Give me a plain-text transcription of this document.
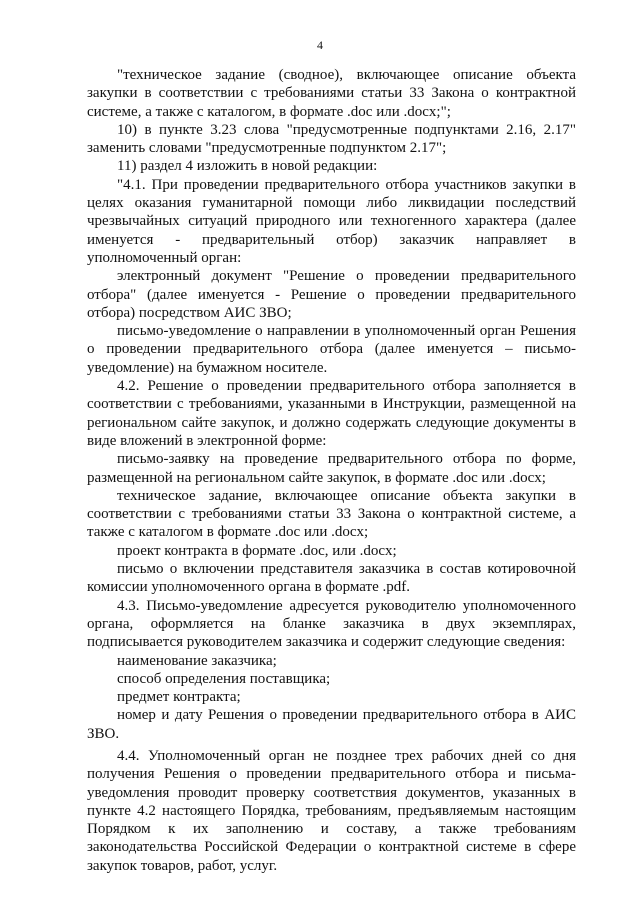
4

"техническое задание (сводное), включающее описание объекта закупки в соответствии с требованиями статьи 33 Закона о контрактной системе, а также с каталогом, в формате .doc или .docx;";

10) в пункте 3.23 слова "предусмотренные подпунктами 2.16, 2.17" заменить словами "предусмотренные подпунктом 2.17";

11) раздел 4 изложить в новой редакции:

"4.1. При проведении предварительного отбора участников закупки в целях оказания гуманитарной помощи либо ликвидации последствий чрезвычайных ситуаций природного или техногенного характера (далее именуется - предварительный отбор) заказчик направляет в уполномоченный орган:

электронный документ "Решение о проведении предварительного отбора" (далее именуется - Решение о проведении предварительного отбора) посредством АИС ЗВО;

письмо-уведомление о направлении в уполномоченный орган Решения о проведении предварительного отбора (далее именуется – письмо-уведомление) на бумажном носителе.

4.2. Решение о проведении предварительного отбора заполняется в соответствии с требованиями, указанными в Инструкции, размещенной на региональном сайте закупок, и должно содержать следующие документы в виде вложений в электронной форме:

письмо-заявку на проведение предварительного отбора по форме, размещенной на региональном сайте закупок, в формате .doc или .docx;

техническое задание, включающее описание объекта закупки в соответствии с требованиями статьи 33 Закона о контрактной системе, а также с каталогом в формате .doc или .docx;

проект контракта в формате .doc, или .docx;

письмо о включении представителя заказчика в состав котировочной комиссии уполномоченного органа в формате .pdf.

4.3. Письмо-уведомление адресуется руководителю уполномоченного органа, оформляется на бланке заказчика в двух экземплярах, подписывается руководителем заказчика и содержит следующие сведения:

наименование заказчика;

способ определения поставщика;

предмет контракта;

номер и дату Решения о проведении предварительного отбора в АИС ЗВО.

4.4. Уполномоченный орган не позднее трех рабочих дней со дня получения Решения о проведении предварительного отбора и письма-уведомления проводит проверку соответствия документов, указанных в пункте 4.2 настоящего Порядка, требованиям, предъявляемым настоящим Порядком к их заполнению и составу, а также требованиям законодательства Российской Федерации о контрактной системе в сфере закупок товаров, работ, услуг.
